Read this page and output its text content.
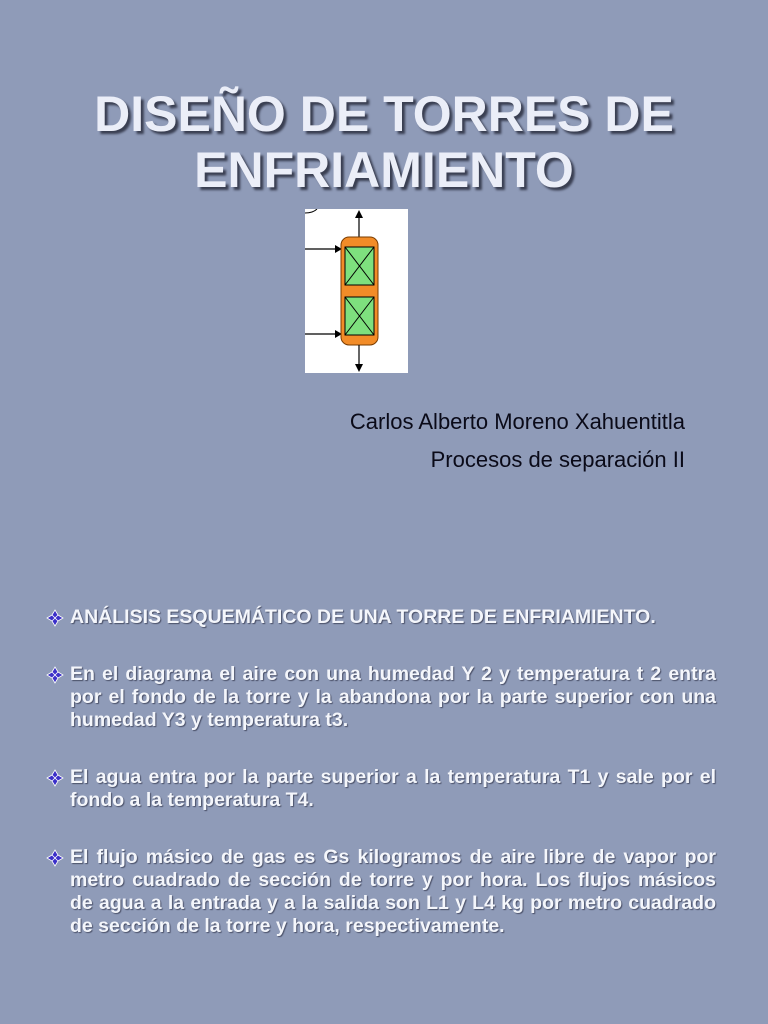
DISEÑO DE TORRES DE ENFRIAMIENTO
Carlos Alberto Moreno Xahuentitla
Procesos de separación II
ANÁLISIS ESQUEMÁTICO DE UNA TORRE DE ENFRIAMIENTO.
En el diagrama el aire con una humedad Y 2 y temperatura t 2 entra por el fondo de la torre y la abandona por la parte superior con una humedad Y3 y temperatura t3.
El agua entra por la parte superior a la temperatura T1 y sale por el fondo a la temperatura T4.
El flujo másico de gas es Gs kilogramos de aire libre de vapor por metro cuadrado de sección de torre y por hora. Los flujos másicos de agua a la entrada y a la salida son L1 y L4 kg por metro cuadrado de sección de la torre y hora, respectivamente.
